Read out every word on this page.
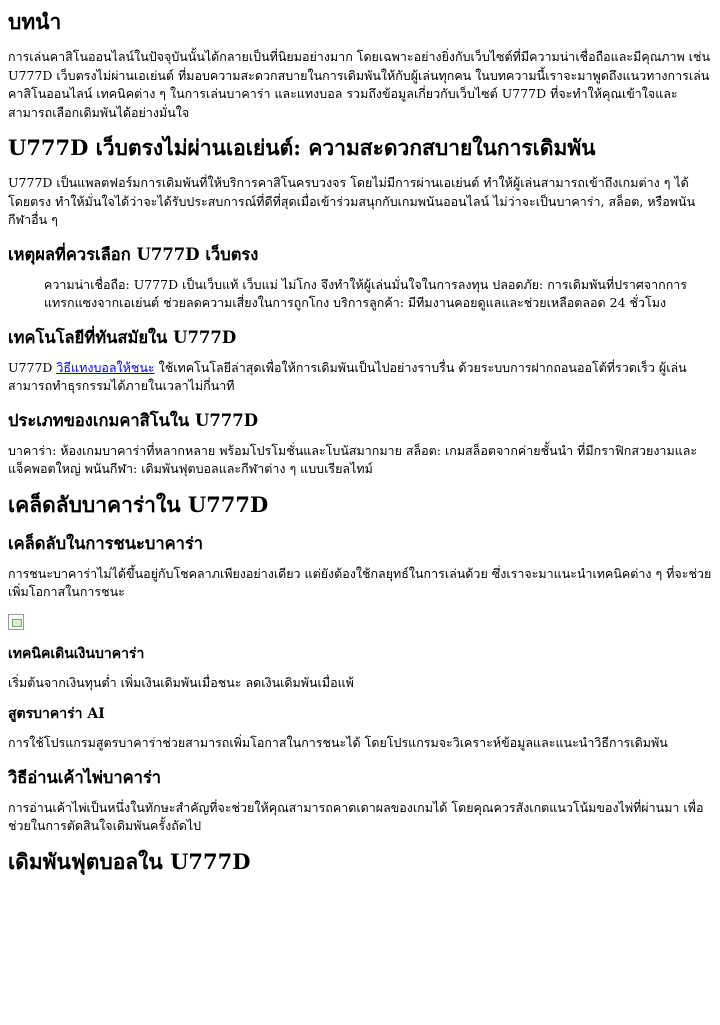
บทนำ

การเล่นคาสิโนออนไลน์ในปัจจุบันนั้นได้กลายเป็นที่นิยมอย่างมาก โดยเฉพาะอย่างยิ่งกับเว็บไซต์ที่มีความน่าเชื่อถือและมีคุณภาพ เช่น U777D เว็บตรงไม่ผ่านเอเย่นต์ ที่มอบความสะดวกสบายในการเดิมพันให้กับผู้เล่นทุกคน ในบทความนี้เราจะมาพูดถึงแนวทางการเล่นคาสิโนออนไลน์ เทคนิคต่าง ๆ ในการเล่นบาคาร่า และแทงบอล รวมถึงข้อมูลเกี่ยวกับเว็บไซต์ U777D ที่จะทำให้คุณเข้าใจและสามารถเลือกเดิมพันได้อย่างมั่นใจ

U777D เว็บตรงไม่ผ่านเอเย่นต์: ความสะดวกสบายในการเดิมพัน

U777D เป็นแพลตฟอร์มการเดิมพันที่ให้บริการคาสิโนครบวงจร โดยไม่มีการผ่านเอเย่นต์ ทำให้ผู้เล่นสามารถเข้าถึงเกมต่าง ๆ ได้โดยตรง ทำให้มั่นใจได้ว่าจะได้รับประสบการณ์ที่ดีที่สุดเมื่อเข้าร่วมสนุกกับเกมพนันออนไลน์ ไม่ว่าจะเป็นบาคาร่า, สล็อต, หรือพนันกีฬาอื่น ๆ

เหตุผลที่ควรเลือก U777D เว็บตรง
ความน่าเชื่อถือ: U777D เป็นเว็บแท้ เว็บแม่ ไม่โกง จึงทำให้ผู้เล่นมั่นใจในการลงทุน ปลอดภัย: การเดิมพันที่ปราศจากการแทรกแซงจากเอเย่นต์ ช่วยลดความเสี่ยงในการถูกโกง บริการลูกค้า: มีทีมงานคอยดูแลและช่วยเหลือตลอด 24 ชั่วโมง
เทคโนโลยีที่ทันสมัยใน U777D

U777D วิธีแทงบอลให้ชนะ ใช้เทคโนโลยีล่าสุดเพื่อให้การเดิมพันเป็นไปอย่างราบรื่น ด้วยระบบการฝากถอนออโต้ที่รวดเร็ว ผู้เล่นสามารถทำธุรกรรมได้ภายในเวลาไม่กี่นาที

ประเภทของเกมคาสิโนใน U777D

บาคาร่า: ห้องเกมบาคาร่าที่หลากหลาย พร้อมโปรโมชั่นและโบนัสมากมาย สล็อต: เกมสล็อตจากค่ายชั้นนำ ที่มีกราฟิกสวยงามและแจ็คพอตใหญ่ พนันกีฬา: เดิมพันฟุตบอลและกีฬาต่าง ๆ แบบเรียลไทม์

เคล็ดลับบาคาร่าใน U777D
เคล็ดลับในการชนะบาคาร่า

การชนะบาคาร่าไม่ได้ขึ้นอยู่กับโชคลาภเพียงอย่างเดียว แต่ยังต้องใช้กลยุทธ์ในการเล่นด้วย ซึ่งเราจะมาแนะนำเทคนิคต่าง ๆ ที่จะช่วยเพิ่มโอกาสในการชนะ

เทคนิคเดินเงินบาคาร่า

เริ่มต้นจากเงินทุนต่ำ เพิ่มเงินเดิมพันเมื่อชนะ ลดเงินเดิมพันเมื่อแพ้

สูตรบาคาร่า AI

การใช้โปรแกรมสูตรบาคาร่าช่วยสามารถเพิ่มโอกาสในการชนะได้ โดยโปรแกรมจะวิเคราะห์ข้อมูลและแนะนำวิธีการเดิมพัน

วิธีอ่านเค้าไพ่บาคาร่า

การอ่านเค้าไพ่เป็นหนึ่งในทักษะสำคัญที่จะช่วยให้คุณสามารถคาดเดาผลของเกมได้ โดยคุณควรสังเกตแนวโน้มของไพ่ที่ผ่านมา เพื่อช่วยในการตัดสินใจเดิมพันครั้งถัดไป

เดิมพันฟุตบอลใน U777D
